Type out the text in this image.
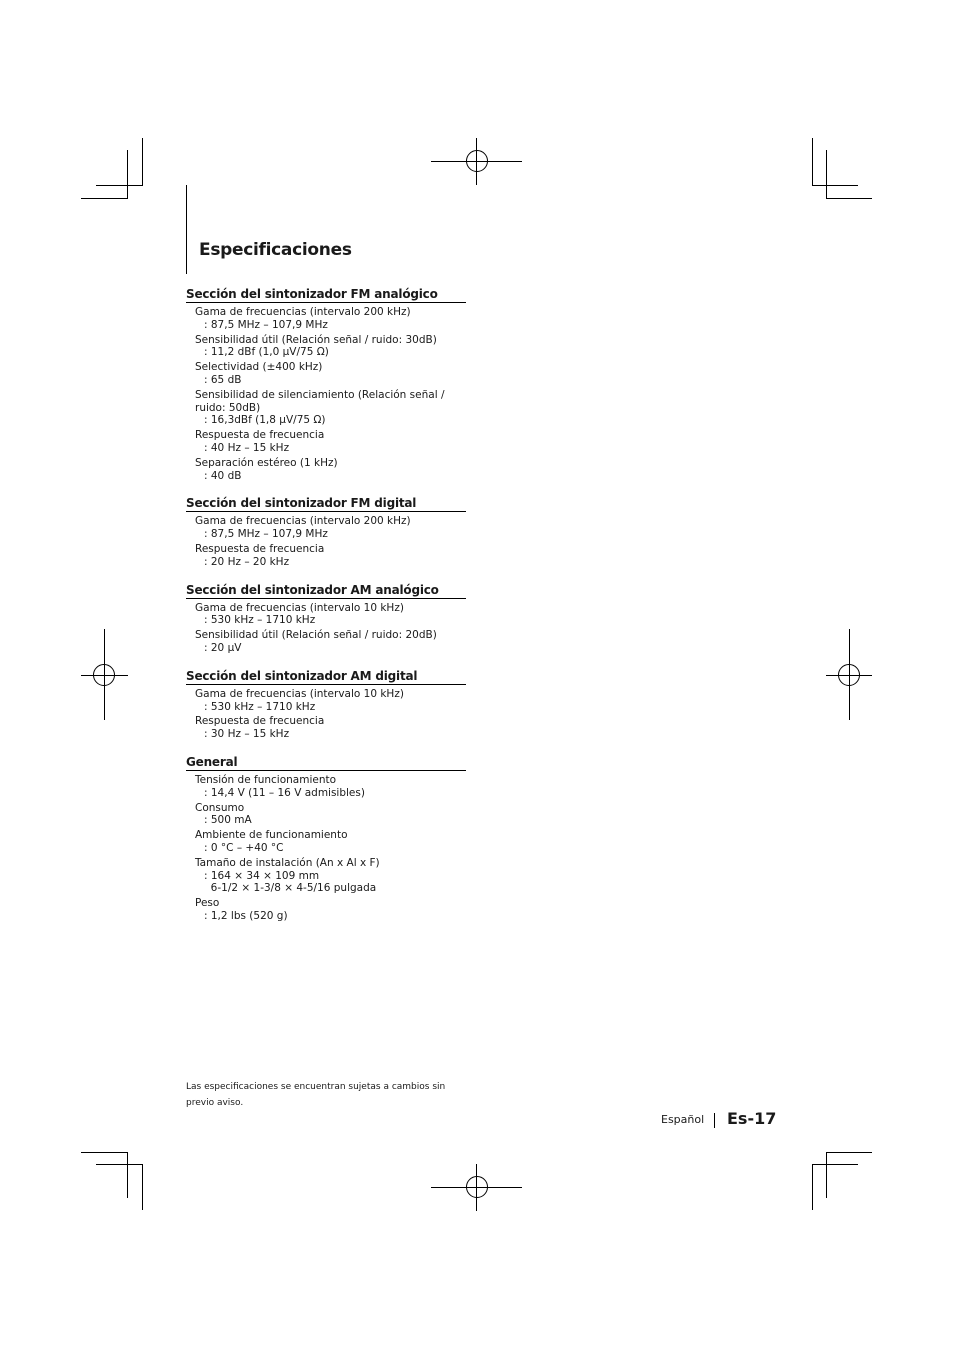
Especificaciones
Sección del sintonizador FM analógico
Gama de frecuencias (intervalo 200 kHz)
: 87,5 MHz – 107,9 MHz
Sensibilidad útil (Relación señal / ruido: 30dB)
: 11,2 dBf (1,0 μV/75 Ω)
Selectividad (±400 kHz)
: 65 dB
Sensibilidad de silenciamiento (Relación señal / ruido: 50dB)
: 16,3dBf (1,8 μV/75 Ω)
Respuesta de frecuencia
: 40 Hz – 15 kHz
Separación estéreo (1 kHz)
: 40 dB
Sección del sintonizador FM digital
Gama de frecuencias (intervalo 200 kHz)
: 87,5 MHz – 107,9 MHz
Respuesta de frecuencia
: 20 Hz – 20 kHz
Sección del sintonizador AM analógico
Gama de frecuencias (intervalo 10 kHz)
: 530 kHz – 1710 kHz
Sensibilidad útil (Relación señal / ruido: 20dB)
: 20 μV
Sección del sintonizador AM digital
Gama de frecuencias (intervalo 10 kHz)
: 530 kHz – 1710 kHz
Respuesta de frecuencia
: 30 Hz – 15 kHz
General
Tensión de funcionamiento
: 14,4 V (11 – 16 V admisibles)
Consumo
: 500 mA
Ambiente de funcionamiento
: 0 °C – +40 °C
Tamaño de instalación (An x Al x F)
: 164 × 34 × 109 mm
6-1/2 × 1-3/8 × 4-5/16 pulgada
Peso
: 1,2 lbs (520 g)

Las especificaciones se encuentran sujetas a cambios sin previo aviso.

Español Es-17
